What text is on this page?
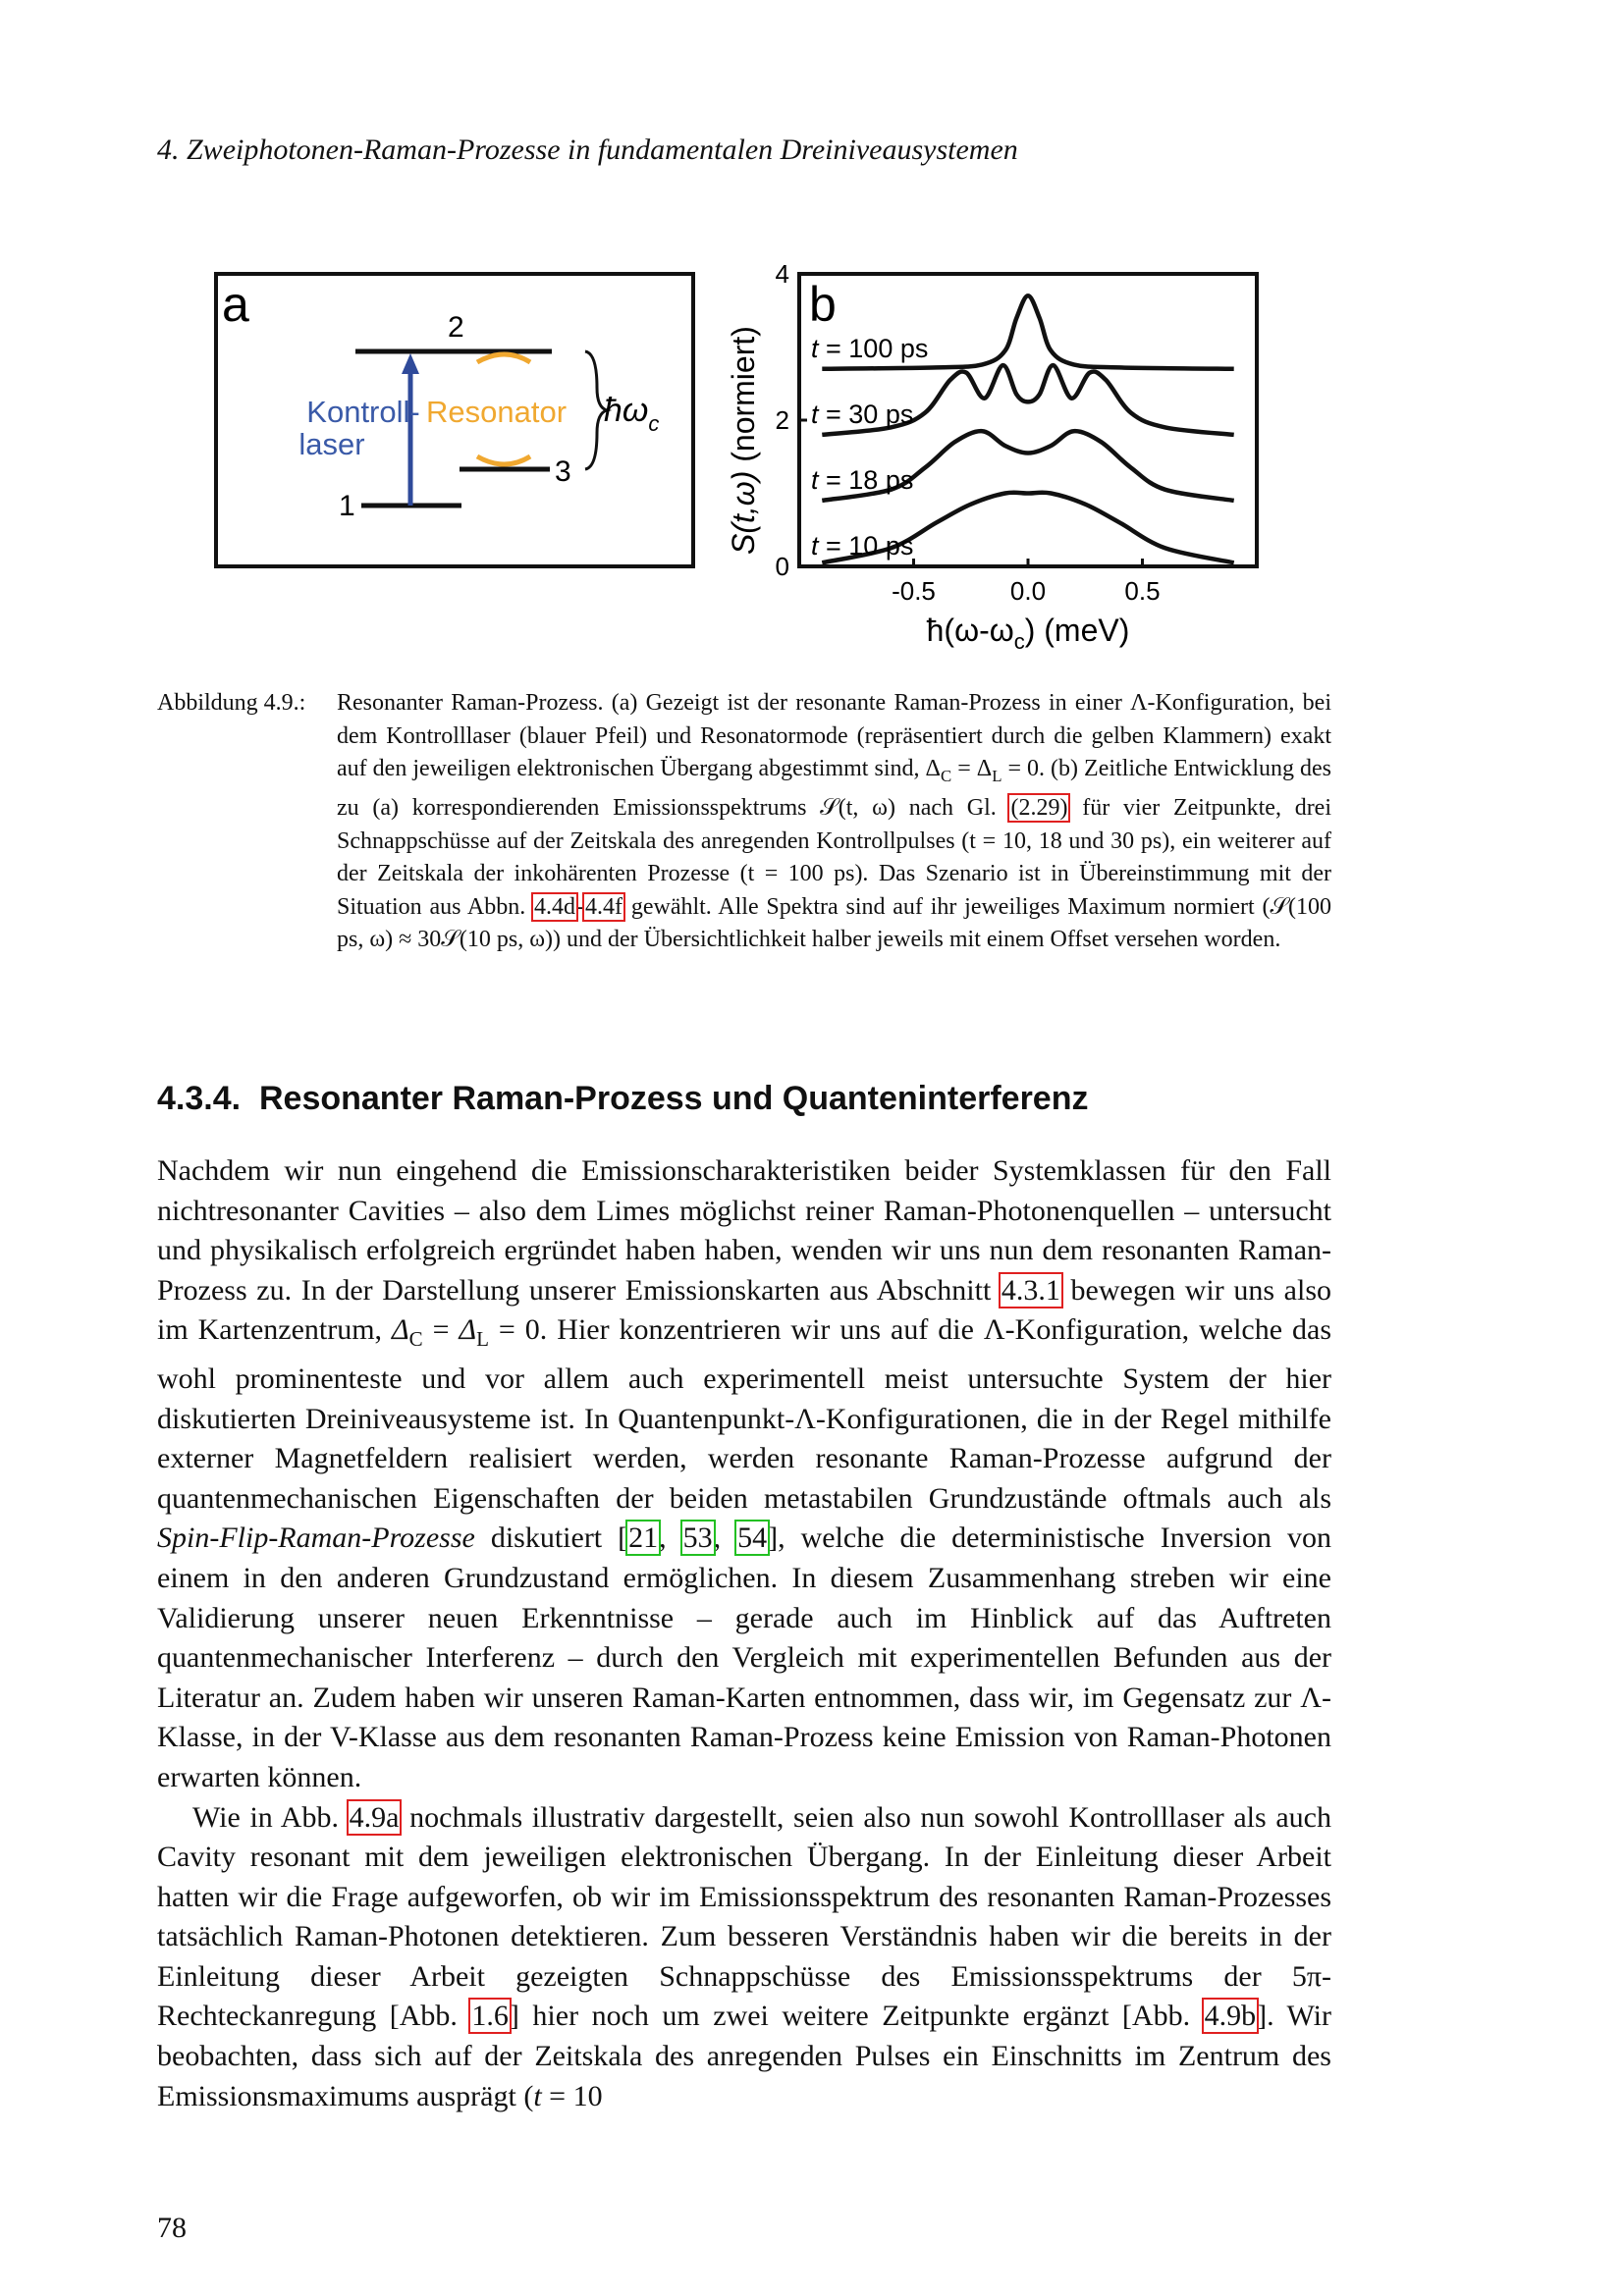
4. Zweiphotonen-Raman-Prozesse in fundamentalen Dreiniveausystemen
a	2
1
3
Kontroll-
laser
Resonator $ħ\omega_c$
b
S(t,ω) (normiert)
0
2
4
-0.5	0.0	0.5
t = 10 ps
t = 18 ps
t = 30 ps
t = 100 ps
$ħ(\omega-\omega_c)$ (meV)
Abbildung 4.9.:	Resonanter Raman-Prozess. (a) Gezeigt ist der resonante Raman-Prozess in einer Λ-Konfiguration, bei dem Kontrolllaser (blauer Pfeil) und Resonatormode (repräsentiert durch die gelben Klammern) exakt auf den jeweiligen elektronischen Übergang abgestimmt sind, $\Delta_C = \Delta_L = 0$. (b) Zeitliche Entwicklung des zu (a) korrespondierenden Emissionsspektrums 𝒮(t, ω) nach Gl. (2.29) für vier Zeitpunkte, drei Schnappschüsse auf der Zeitskala des anregenden Kontrollpulses (t = 10, 18 und 30 ps), ein weiterer auf der Zeitskala der inkohärenten Prozesse (t = 100 ps). Das Szenario ist in Übereinstimmung mit der Situation aus Abbn. 4.4d-4.4f gewählt. Alle Spektra sind auf ihr jeweiliges Maximum normiert (𝒮(100 ps, ω) ≈ 30𝒮(10 ps, ω)) und der Übersichtlichkeit halber jeweils mit einem Offset versehen worden.
4.3.4. Resonanter Raman-Prozess und Quanteninterferenz

Nachdem wir nun eingehend die Emissionscharakteristiken beider Systemklassen für den Fall nichtresonanter Cavities – also dem Limes möglichst reiner Raman-Photonenquellen – untersucht und physikalisch erfolgreich ergründet haben haben, wenden wir uns nun dem resonanten Raman-Prozess zu. In der Darstellung unserer Emissionskarten aus Abschnitt 4.3.1 bewegen wir uns also im Kartenzentrum, $\Delta_C = \Delta_L = 0$. Hier konzentrieren wir uns auf die Λ-Konfiguration, welche das wohl prominenteste und vor allem auch experimentell meist untersuchte System der hier diskutierten Dreiniveausysteme ist. In Quantenpunkt-Λ-Konfigurationen, die in der Regel mithilfe externer Magnetfeldern realisiert werden, werden resonante Raman-Prozesse aufgrund der quantenmechanischen Eigenschaften der beiden metastabilen Grundzustände oftmals auch als Spin-Flip-Raman-Prozesse diskutiert [21, 53, 54], welche die deterministische Inversion von einem in den anderen Grundzustand ermöglichen. In diesem Zusammenhang streben wir eine Validierung unserer neuen Erkenntnisse – gerade auch im Hinblick auf das Auftreten quantenmechanischer Interferenz – durch den Vergleich mit experimentellen Befunden aus der Literatur an. Zudem haben wir unseren Raman-Karten entnommen, dass wir, im Gegensatz zur Λ-Klasse, in der V-Klasse aus dem resonanten Raman-Prozess keine Emission von Raman-Photonen erwarten können.

Wie in Abb. 4.9a nochmals illustrativ dargestellt, seien also nun sowohl Kontrolllaser als auch Cavity resonant mit dem jeweiligen elektronischen Übergang. In der Einleitung dieser Arbeit hatten wir die Frage aufgeworfen, ob wir im Emissionsspektrum des resonanten Raman-Prozesses tatsächlich Raman-Photonen detektieren. Zum besseren Verständnis haben wir die bereits in der Einleitung dieser Arbeit gezeigten Schnappschüsse des Emissionsspektrums der 5π-Rechteckanregung [Abb. 1.6] hier noch um zwei weitere Zeitpunkte ergänzt [Abb. 4.9b]. Wir beobachten, dass sich auf der Zeitskala des anregenden Pulses ein Einschnitts im Zentrum des Emissionsmaximums ausprägt (t = 10

78
